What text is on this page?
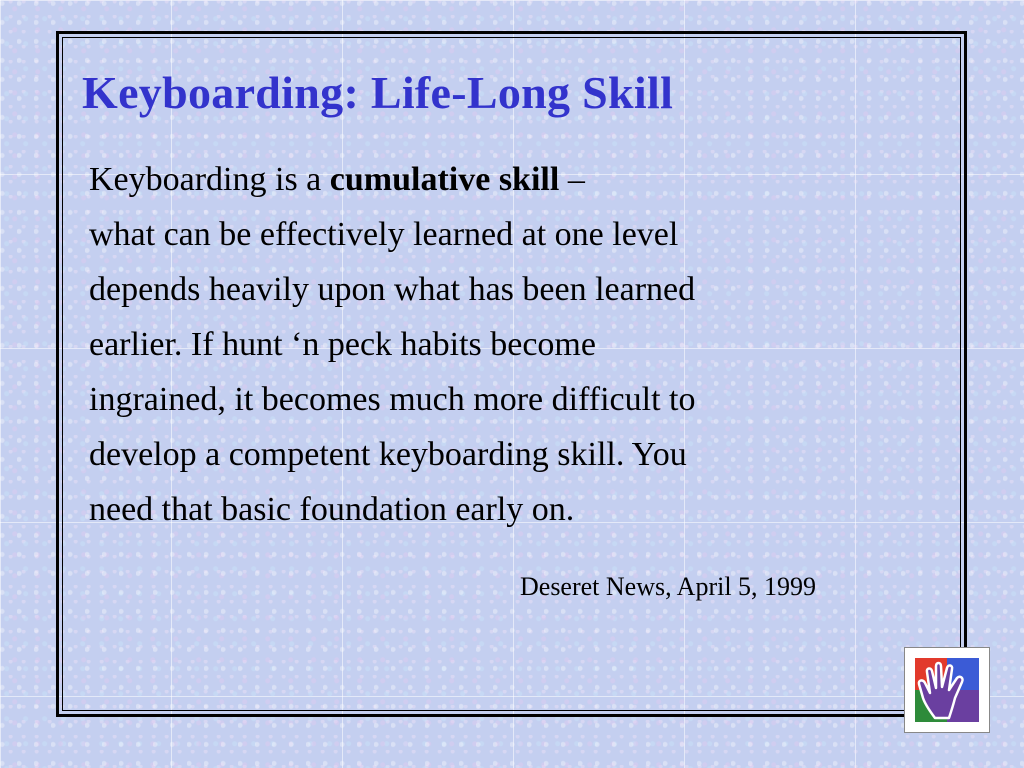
Keyboarding: Life-Long Skill

Keyboarding is a cumulative skill –
what can be effectively learned at one level
depends heavily upon what has been learned
earlier. If hunt ‘n peck habits become
ingrained, it becomes much more difficult to
develop a competent keyboarding skill. You
need that basic foundation early on.

Deseret News, April 5, 1999
